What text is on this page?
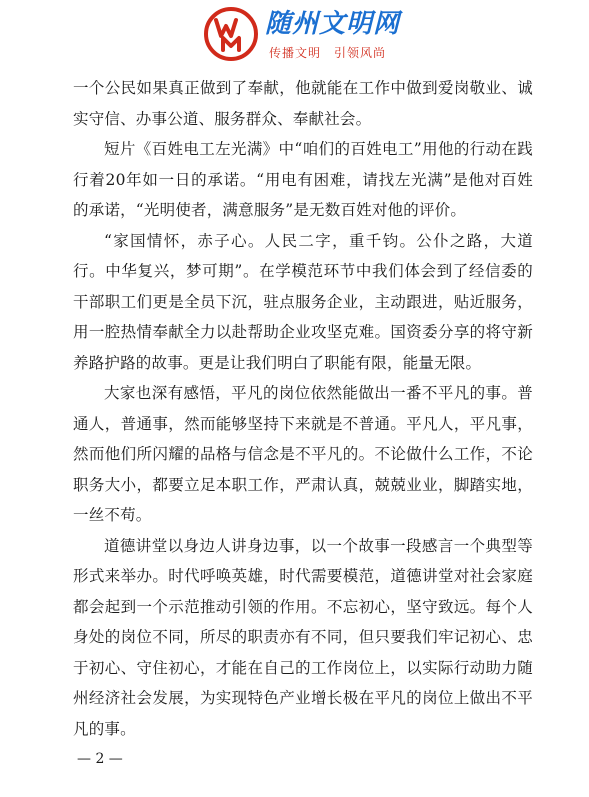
随州文明网
传播文明　引领风尚

一个公民如果真正做到了奉献，他就能在工作中做到爱岗敬业、诚实守信、办事公道、服务群众、奉献社会。

短片《百姓电工左光满》中“咱们的百姓电工”用他的行动在践行着20年如一日的承诺。“用电有困难，请找左光满”是他对百姓的承诺，“光明使者，满意服务”是无数百姓对他的评价。

“家国情怀，赤子心。人民二字，重千钧。公仆之路，大道行。中华复兴，梦可期”。在学模范环节中我们体会到了经信委的干部职工们更是全员下沉，驻点服务企业，主动跟进，贴近服务，用一腔热情奉献全力以赴帮助企业攻坚克难。国资委分享的将守新养路护路的故事。更是让我们明白了职能有限，能量无限。

大家也深有感悟，平凡的岗位依然能做出一番不平凡的事。普通人，普通事，然而能够坚持下来就是不普通。平凡人，平凡事，然而他们所闪耀的品格与信念是不平凡的。不论做什么工作，不论职务大小，都要立足本职工作，严肃认真，兢兢业业，脚踏实地，一丝不苟。

道德讲堂以身边人讲身边事，以一个故事一段感言一个典型等形式来举办。时代呼唤英雄，时代需要模范，道德讲堂对社会家庭都会起到一个示范推动引领的作用。不忘初心，坚守致远。每个人身处的岗位不同，所尽的职责亦有不同，但只要我们牢记初心、忠于初心、守住初心，才能在自己的工作岗位上，以实际行动助力随州经济社会发展，为实现特色产业增长极在平凡的岗位上做出不平凡的事。

— 2 —
